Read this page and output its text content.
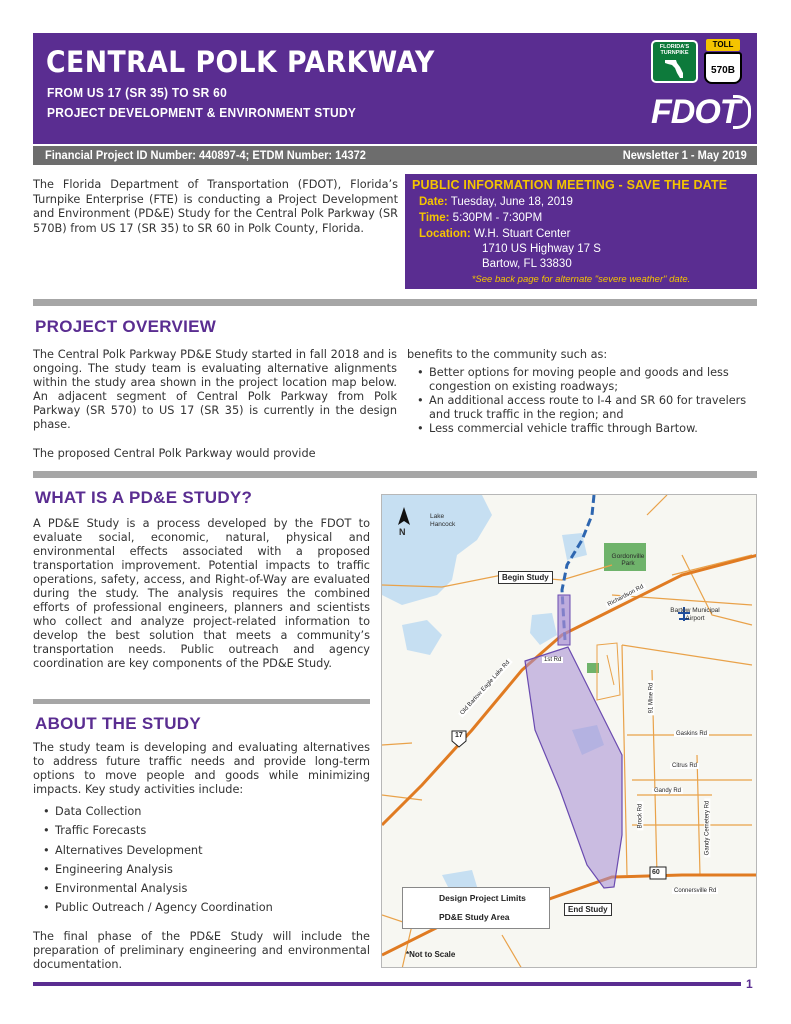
CENTRAL POLK PARKWAY
FROM US 17 (SR 35) TO SR 60
PROJECT DEVELOPMENT & ENVIRONMENT STUDY
FLORIDA'S TURNPIKE
TOLL
570B
FDOT
Financial Project ID Number: 440897-4; ETDM Number: 14372	Newsletter 1 - May 2019

The Florida Department of Transportation (FDOT), Florida’s Turnpike Enterprise (FTE) is conducting a Project Development and Environment (PD&E) Study for the Central Polk Parkway (SR 570B) from US 17 (SR 35) to SR 60 in Polk County, Florida.

PUBLIC INFORMATION MEETING - SAVE THE DATE
Date: Tuesday, June 18, 2019
Time: 5:30PM - 7:30PM
Location: W.H. Stuart Center
1710 US Highway 17 S
Bartow, FL 33830
*See back page for alternate "severe weather" date.
PROJECT OVERVIEW

The Central Polk Parkway PD&E Study started in fall 2018 and is ongoing. The study team is evaluating alternative alignments within the study area shown in the project location map below. An adjacent segment of Central Polk Parkway from Polk Parkway (SR 570) to US 17 (SR 35) is currently in the design phase.

The proposed Central Polk Parkway would provide

benefits to the community such as:

• Better options for moving people and goods and less congestion on existing roadways;
• An additional access route to I-4 and SR 60 for travelers and truck traffic in the region; and
• Less commercial vehicle traffic through Bartow.
WHAT IS A PD&E STUDY?

A PD&E Study is a process developed by the FDOT to evaluate social, economic, natural, physical and environmental effects associated with a proposed transportation improvement. Potential impacts to traffic operations, safety, access, and Right-of-Way are evaluated during the study. The analysis requires the combined efforts of professional engineers, planners and scientists who collect and analyze project-related information to develop the best solution that meets a community’s transportation needs. Public outreach and agency coordination are key components of the PD&E Study.

ABOUT THE STUDY

The study team is developing and evaluating alternatives to address future traffic needs and provide long-term options to move people and goods while minimizing impacts. Key study activities include:

• Data Collection
• Traffic Forecasts
• Alternatives Development
• Engineering Analysis
• Environmental Analysis
• Public Outreach / Agency Coordination

The final phase of the PD&E Study will include the preparation of preliminary engineering and environmental documentation.

N
Lake Hancock
Gordonville Park
Bartow Municipal Airport
Begin Study
End Study
Richardson Rd
Old Bartow Eagle Lake Rd	1st Rd
91 Mine Rd
Gaskins Rd
Citrus Rd
Gandy Rd
Brock Rd	Gandy Cemetery Rd
Connersville Rd
17
60
Design Project Limits
PD&E Study Area
*Not to Scale
1
